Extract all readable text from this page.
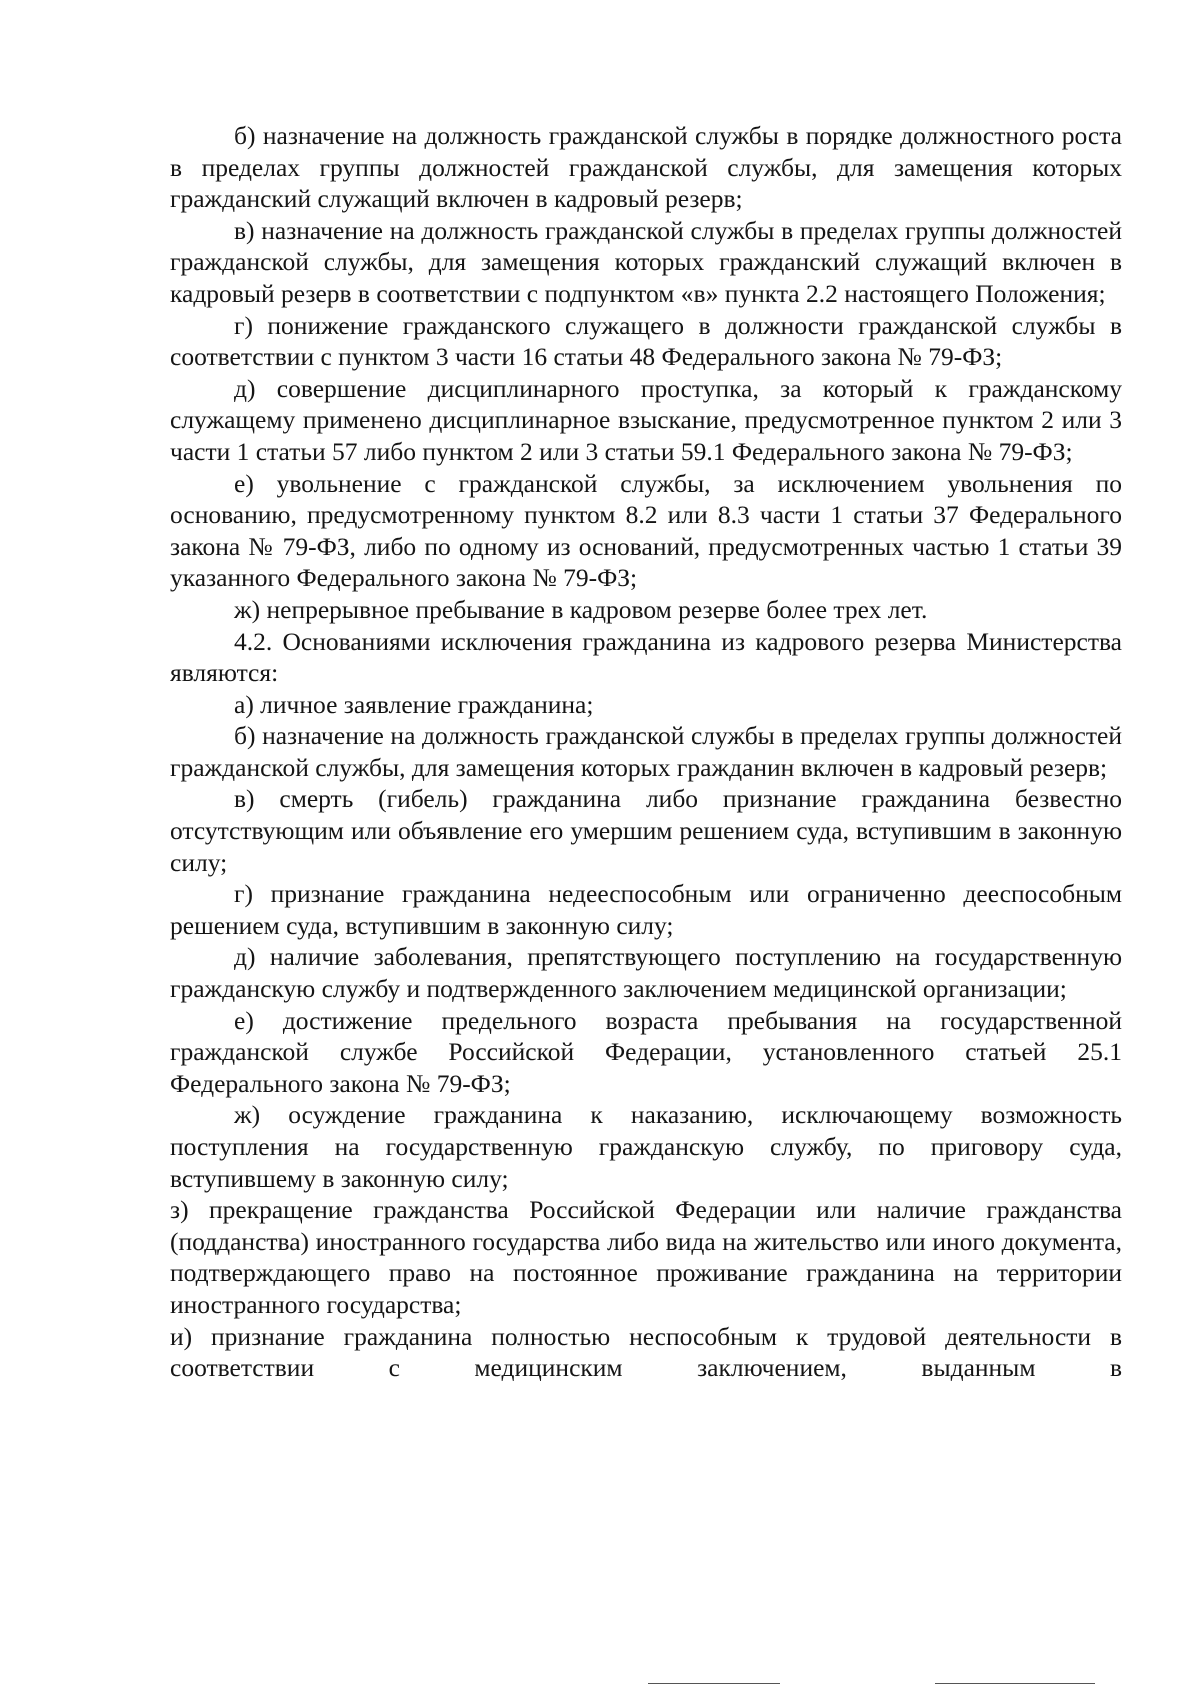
б) назначение на должность гражданской службы в порядке должностного роста в пределах группы должностей гражданской службы, для замещения которых гражданский служащий включен в кадровый резерв;

в) назначение на должность гражданской службы в пределах группы должностей гражданской службы, для замещения которых гражданский служащий включен в кадровый резерв в соответствии с подпунктом «в» пункта 2.2 настоящего Положения;

г) понижение гражданского служащего в должности гражданской службы в соответствии с пунктом 3 части 16 статьи 48 Федерального закона № 79-ФЗ;

д) совершение дисциплинарного проступка, за который к гражданскому служащему применено дисциплинарное взыскание, предусмотренное пунктом 2 или 3 части 1 статьи 57 либо пунктом 2 или 3 статьи 59.1 Федерального закона № 79-ФЗ;

е) увольнение с гражданской службы, за исключением увольнения по основанию, предусмотренному пунктом 8.2 или 8.3 части 1 статьи 37 Федерального закона № 79-ФЗ, либо по одному из оснований, предусмотренных частью 1 статьи 39 указанного Федерального закона № 79-ФЗ;

ж) непрерывное пребывание в кадровом резерве более трех лет.

4.2. Основаниями исключения гражданина из кадрового резерва Министерства являются:

а) личное заявление гражданина;

б) назначение на должность гражданской службы в пределах группы должностей гражданской службы, для замещения которых гражданин включен в кадровый резерв;

в) смерть (гибель) гражданина либо признание гражданина безвестно отсутствующим или объявление его умершим решением суда, вступившим в законную силу;

г) признание гражданина недееспособным или ограниченно дееспособным решением суда, вступившим в законную силу;

д) наличие заболевания, препятствующего поступлению на государственную гражданскую службу и подтвержденного заключением медицинской организации;

е) достижение предельного возраста пребывания на государственной гражданской службе Российской Федерации, установленного статьей 25.1 Федерального закона № 79-ФЗ;

ж) осуждение гражданина к наказанию, исключающему возможность поступления на государственную гражданскую службу, по приговору суда, вступившему в законную силу;

з) прекращение гражданства Российской Федерации или наличие гражданства (подданства) иностранного государства либо вида на жительство или иного документа, подтверждающего право на постоянное проживание гражданина на территории иностранного государства;

и) признание гражданина полностью неспособным к трудовой деятельности в соответствии с медицинским заключением, выданным в
